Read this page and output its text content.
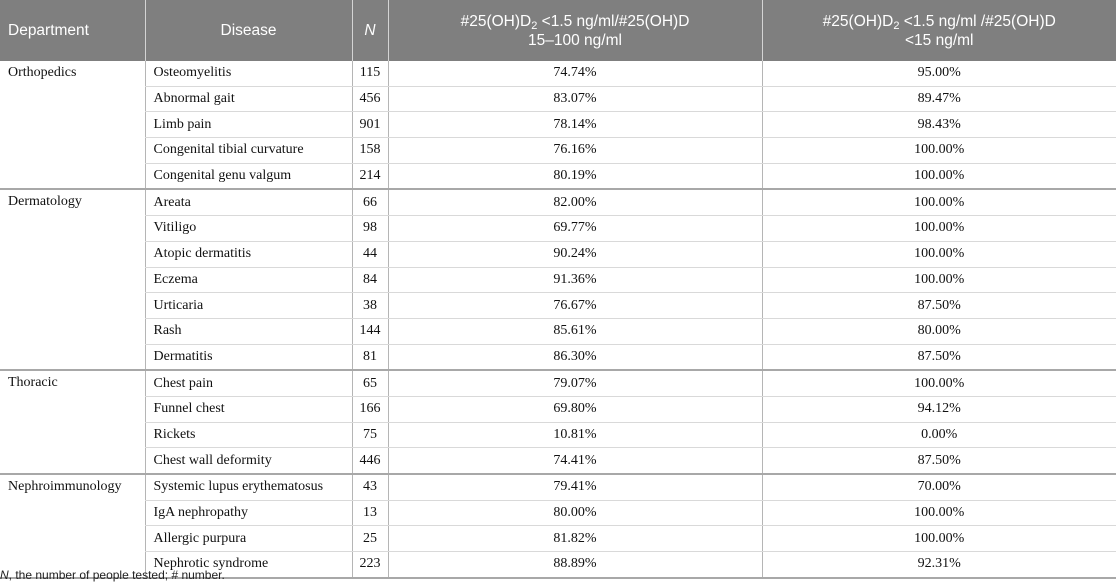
Department	Disease	N	$\#25(OH)D_2 <1.5$ ng/ml/#25(OH)D
15–100 ng/ml	$\#25(OH)D_2 <1.5$ ng/ml /#25(OH)D
<15 ng/ml
Orthopedics	Osteomyelitis	115	74.74%	95.00%
	Abnormal gait	456	83.07%	89.47%
	Limb pain	901	78.14%	98.43%
	Congenital tibial curvature	158	76.16%	100.00%
	Congenital genu valgum	214	80.19%	100.00%
Dermatology	Areata	66	82.00%	100.00%
	Vitiligo	98	69.77%	100.00%
	Atopic dermatitis	44	90.24%	100.00%
	Eczema	84	91.36%	100.00%
	Urticaria	38	76.67%	87.50%
	Rash	144	85.61%	80.00%
	Dermatitis	81	86.30%	87.50%
Thoracic	Chest pain	65	79.07%	100.00%
	Funnel chest	166	69.80%	94.12%
	Rickets	75	10.81%	0.00%
	Chest wall deformity	446	74.41%	87.50%
Nephroimmunology	Systemic lupus erythematosus	43	79.41%	70.00%
	IgA nephropathy	13	80.00%	100.00%
	Allergic purpura	25	81.82%	100.00%
	Nephrotic syndrome	223	88.89%	92.31%
N, the number of people tested; # number.
